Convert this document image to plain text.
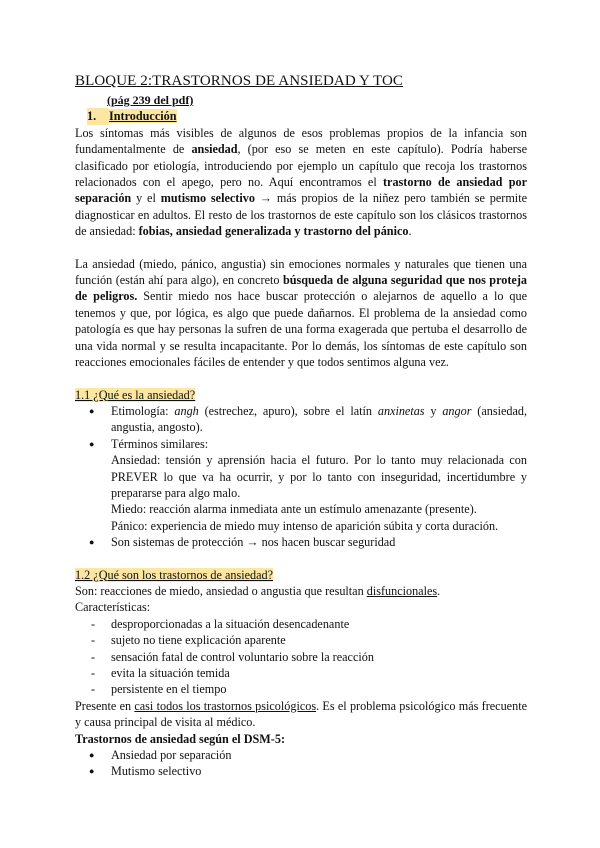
BLOQUE 2:TRASTORNOS DE ANSIEDAD Y TOC
(pág 239 del pdf)
1. Introducción

Los síntomas más visibles de algunos de esos problemas propios de la infancia son fundamentalmente de ansiedad, (por eso se meten en este capítulo). Podría haberse clasificado por etiología, introduciendo por ejemplo un capítulo que recoja los trastornos relacionados con el apego, pero no. Aquí encontramos el trastorno de ansiedad por separación y el mutismo selectivo → más propios de la niñez pero también se permite diagnosticar en adultos. El resto de los trastornos de este capítulo son los clásicos trastornos de ansiedad: fobias, ansiedad generalizada y trastorno del pánico.

La ansiedad (miedo, pánico, angustia) sin emociones normales y naturales que tienen una función (están ahí para algo), en concreto búsqueda de alguna seguridad que nos proteja de peligros. Sentir miedo nos hace buscar protección o alejarnos de aquello a lo que tenemos y que, por lógica, es algo que puede dañarnos. El problema de la ansiedad como patología es que hay personas la sufren de una forma exagerada que pertuba el desarrollo de una vida normal y se resulta incapacitante. Por lo demás, los síntomas de este capítulo son reacciones emocionales fáciles de entender y que todos sentimos alguna vez.

1.1 ¿Qué es la ansiedad?
● Etimología: angh (estrechez, apuro), sobre el latín anxinetas y angor (ansiedad, angustia, angosto).
● Términos similares:
Ansiedad: tensión y aprensión hacia el futuro. Por lo tanto muy relacionada con PREVER lo que va ha ocurrir, y por lo tanto con inseguridad, incertidumbre y prepararse para algo malo.
Miedo: reacción alarma inmediata ante un estímulo amenazante (presente).
Pánico: experiencia de miedo muy intenso de aparición súbita y corta duración.
● Son sistemas de protección → nos hacen buscar seguridad
1.2 ¿Qué son los trastornos de ansiedad?

Son: reacciones de miedo, ansiedad o angustia que resultan disfuncionales.

Características:

- desproporcionadas a la situación desencadenante
- sujeto no tiene explicación aparente
- sensación fatal de control voluntario sobre la reacción
- evita la situación temida
- persistente en el tiempo

Presente en casi todos los trastornos psicológicos. Es el problema psicológico más frecuente y causa principal de visita al médico.

Trastornos de ansiedad según el DSM-5:
● Ansiedad por separación
● Mutismo selectivo
